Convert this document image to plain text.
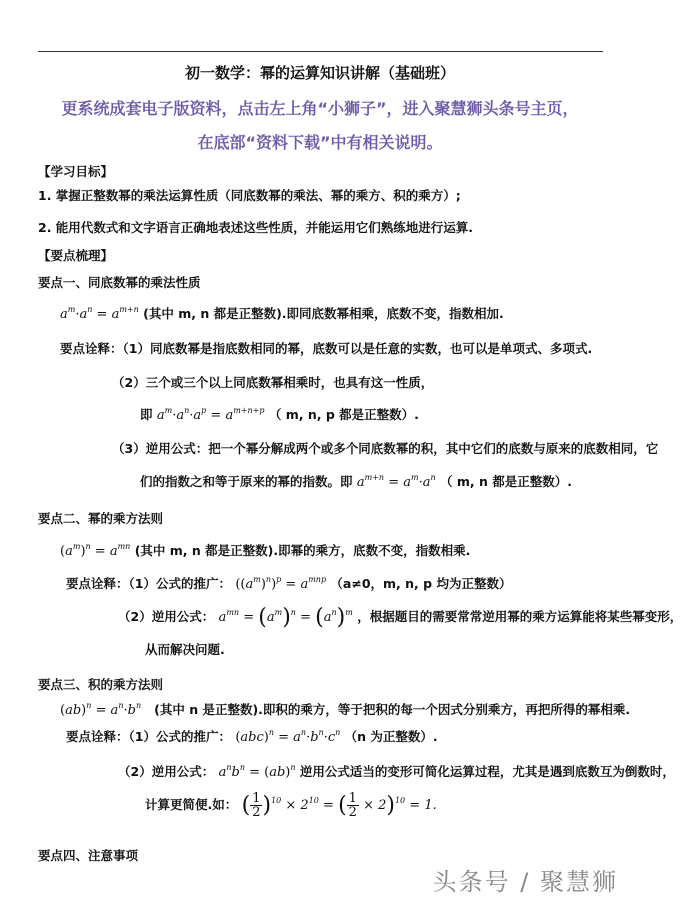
初一数学：幂的运算知识讲解（基础班）
更系统成套电子版资料，点击左上角“小狮子”，进入聚慧狮头条号主页，
在底部“资料下载”中有相关说明。
【学习目标】
1. 掌握正整数幂的乘法运算性质（同底数幂的乘法、幂的乘方、积的乘方）;
2. 能用代数式和文字语言正确地表述这些性质，并能运用它们熟练地进行运算.
【要点梳理】
要点一、同底数幂的乘法性质
$a^m\cdot a^n = a^{m+n}$ (其中 m, n 都是正整数).即同底数幂相乘，底数不变，指数相加.
要点诠释：（1）同底数幂是指底数相同的幂，底数可以是任意的实数，也可以是单项式、多项式.
（2）三个或三个以上同底数幂相乘时，也具有这一性质，
即 $a^m\cdot a^n\cdot a^p = a^{m+n+p}$ （ m, n, p 都是正整数）.
（3）逆用公式：把一个幂分解成两个或多个同底数幂的积，其中它们的底数与原来的底数相同，它
们的指数之和等于原来的幂的指数。即 $a^{m+n} = a^m\cdot a^n$ （ m, n 都是正整数）.
要点二、幂的乘方法则
$(a^m)^n = a^{mn}$ (其中 m, n 都是正整数).即幂的乘方，底数不变，指数相乘.
要点诠释：（1）公式的推广： $((a^m)^n)^p = a^{mnp}$ （a≠0，m, n, p 均为正整数）
（2）逆用公式： $a^{mn} = (a^m)^n = (a^n)^m$ ，根据题目的需要常常逆用幂的乘方运算能将某些幂变形，
从而解决问题.
要点三、积的乘方法则
$(ab)^n = a^n\cdot b^n$ (其中 n 是正整数).即积的乘方，等于把积的每一个因式分别乘方，再把所得的幂相乘.
要点诠释：（1）公式的推广： $(abc)^n = a^n\cdot b^n\cdot c^n$ （n 为正整数）.
（2）逆用公式： $a^nb^n = (ab)^n$ 逆用公式适当的变形可简化运算过程，尤其是遇到底数互为倒数时，
计算更简便.如： ( $\frac{1}{2} )^{10} \times 2^{10}$ = ( $\frac{1}{2} \times 2)^{10} = 1$.
要点四、注意事项
头条号 / 聚慧狮
